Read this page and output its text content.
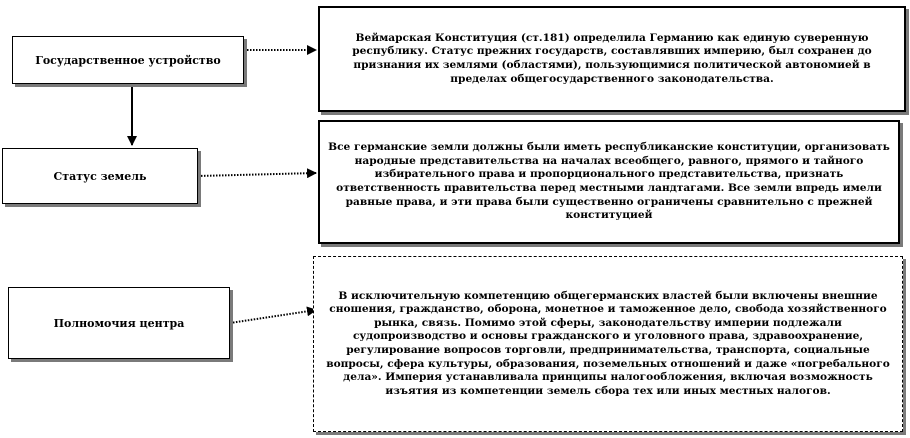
Государственное устройство
Статус земель
Полномочия центра
Веймарская Конституция (ст.181) определила Германию как единую суверенную республику. Статус прежних государств, составлявших империю, был сохранен до признания их землями (областями), пользующимися политической автономией в пределах общегосударственного законодательства.
Все германские земли должны были иметь республиканские конституции, организовать народные представительства на началах всеобщего, равного, прямого и тайного избирательного права и пропорционального представительства, признать ответственность правительства перед местными ландтагами. Все земли впредь имели равные права, и эти права были существенно ограничены сравнительно с прежней конституцией
В исключительную компетенцию общегерманских властей были включены внешние сношения, гражданство, оборона, монетное и таможенное дело, свобода хозяйственного рынка, связь. Помимо этой сферы, законодательству империи подлежали судопроизводство и основы гражданского и уголовного права, здравоохранение, регулирование вопросов торговли, предпринимательства, транспорта, социальные вопросы, сфера культуры, образования, поземельных отношений и даже «погребального дела». Империя устанавливала принципы налогообложения, включая возможность изъятия из компетенции земель сбора тех или иных местных налогов.
